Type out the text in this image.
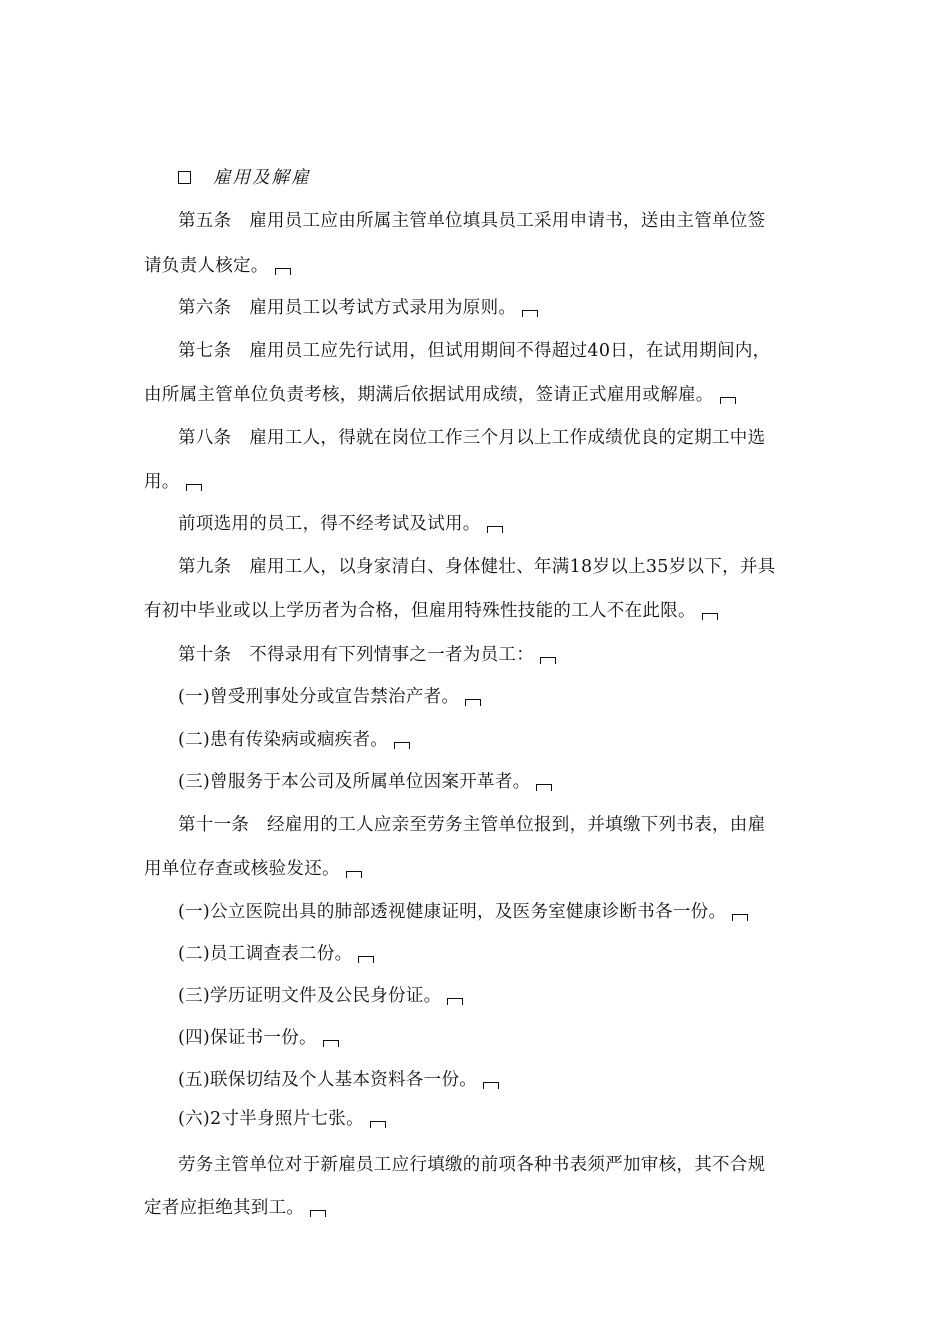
雇用及解雇
第五条　雇用员工应由所属主管单位填具员工采用申请书，送由主管单位签
请负责人核定。
第六条　雇用员工以考试方式录用为原则。
第七条　雇用员工应先行试用，但试用期间不得超过40日，在试用期间内，
由所属主管单位负责考核，期满后依据试用成绩，签请正式雇用或解雇。
第八条　雇用工人，得就在岗位工作三个月以上工作成绩优良的定期工中选
用。
前项选用的员工，得不经考试及试用。
第九条　雇用工人，以身家清白、身体健壮、年满18岁以上35岁以下，并具
有初中毕业或以上学历者为合格，但雇用特殊性技能的工人不在此限。
第十条　不得录用有下列情事之一者为员工：
(一)曾受刑事处分或宣告禁治产者。
(二)患有传染病或痼疾者。
(三)曾服务于本公司及所属单位因案开革者。
第十一条　经雇用的工人应亲至劳务主管单位报到，并填缴下列书表，由雇
用单位存查或核验发还。
(一)公立医院出具的肺部透视健康证明，及医务室健康诊断书各一份。
(二)员工调查表二份。
(三)学历证明文件及公民身份证。
(四)保证书一份。
(五)联保切结及个人基本资料各一份。
(六)2寸半身照片七张。
劳务主管单位对于新雇员工应行填缴的前项各种书表须严加审核，其不合规
定者应拒绝其到工。
